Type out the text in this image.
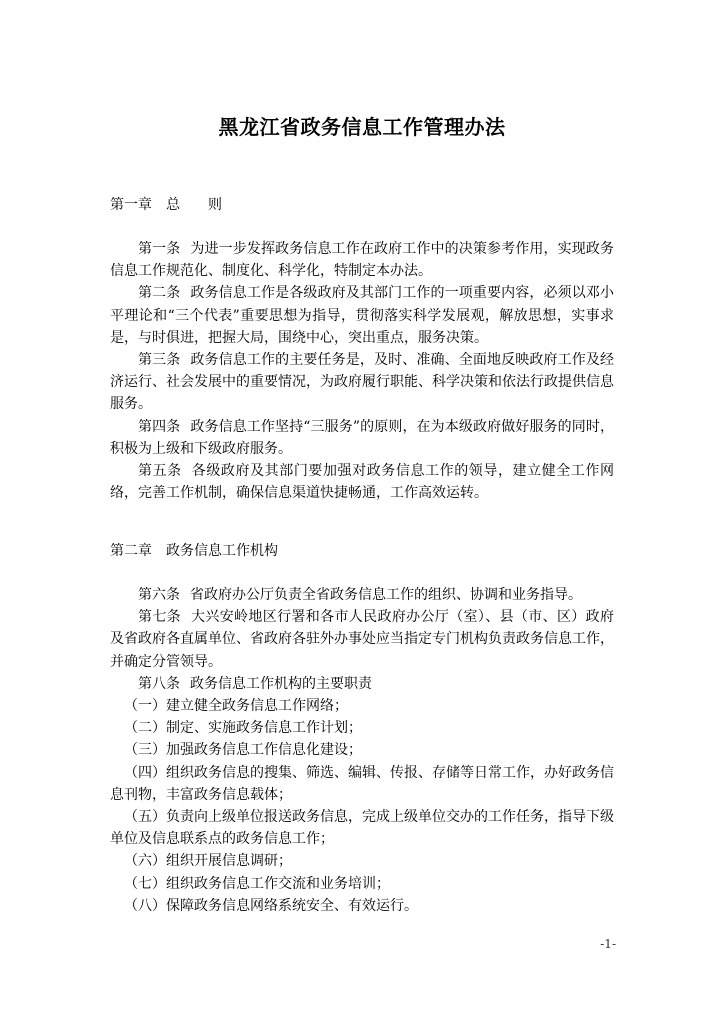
黑龙江省政务信息工作管理办法
第一章 总则

第一条 为进一步发挥政务信息工作在政府工作中的决策参考作用，实现政务信息工作规范化、制度化、科学化，特制定本办法。

第二条 政务信息工作是各级政府及其部门工作的一项重要内容，必须以邓小平理论和“三个代表”重要思想为指导，贯彻落实科学发展观，解放思想，实事求是，与时俱进，把握大局，围绕中心，突出重点，服务决策。

第三条 政务信息工作的主要任务是，及时、准确、全面地反映政府工作及经济运行、社会发展中的重要情况，为政府履行职能、科学决策和依法行政提供信息服务。

第四条 政务信息工作坚持“三服务”的原则，在为本级政府做好服务的同时，积极为上级和下级政府服务。

第五条 各级政府及其部门要加强对政务信息工作的领导，建立健全工作网络，完善工作机制，确保信息渠道快捷畅通，工作高效运转。

第二章 政务信息工作机构

第六条 省政府办公厅负责全省政务信息工作的组织、协调和业务指导。

第七条 大兴安岭地区行署和各市人民政府办公厅（室）、县（市、区）政府及省政府各直属单位、省政府各驻外办事处应当指定专门机构负责政务信息工作，并确定分管领导。

第八条 政务信息工作机构的主要职责

（一）建立健全政务信息工作网络；

（二）制定、实施政务信息工作计划；

（三）加强政务信息工作信息化建设；

（四）组织政务信息的搜集、筛选、编辑、传报、存储等日常工作，办好政务信息刊物，丰富政务信息载体；

（五）负责向上级单位报送政务信息，完成上级单位交办的工作任务，指导下级单位及信息联系点的政务信息工作；

（六）组织开展信息调研；

（七）组织政务信息工作交流和业务培训；

（八）保障政务信息网络系统安全、有效运行。

-1-
